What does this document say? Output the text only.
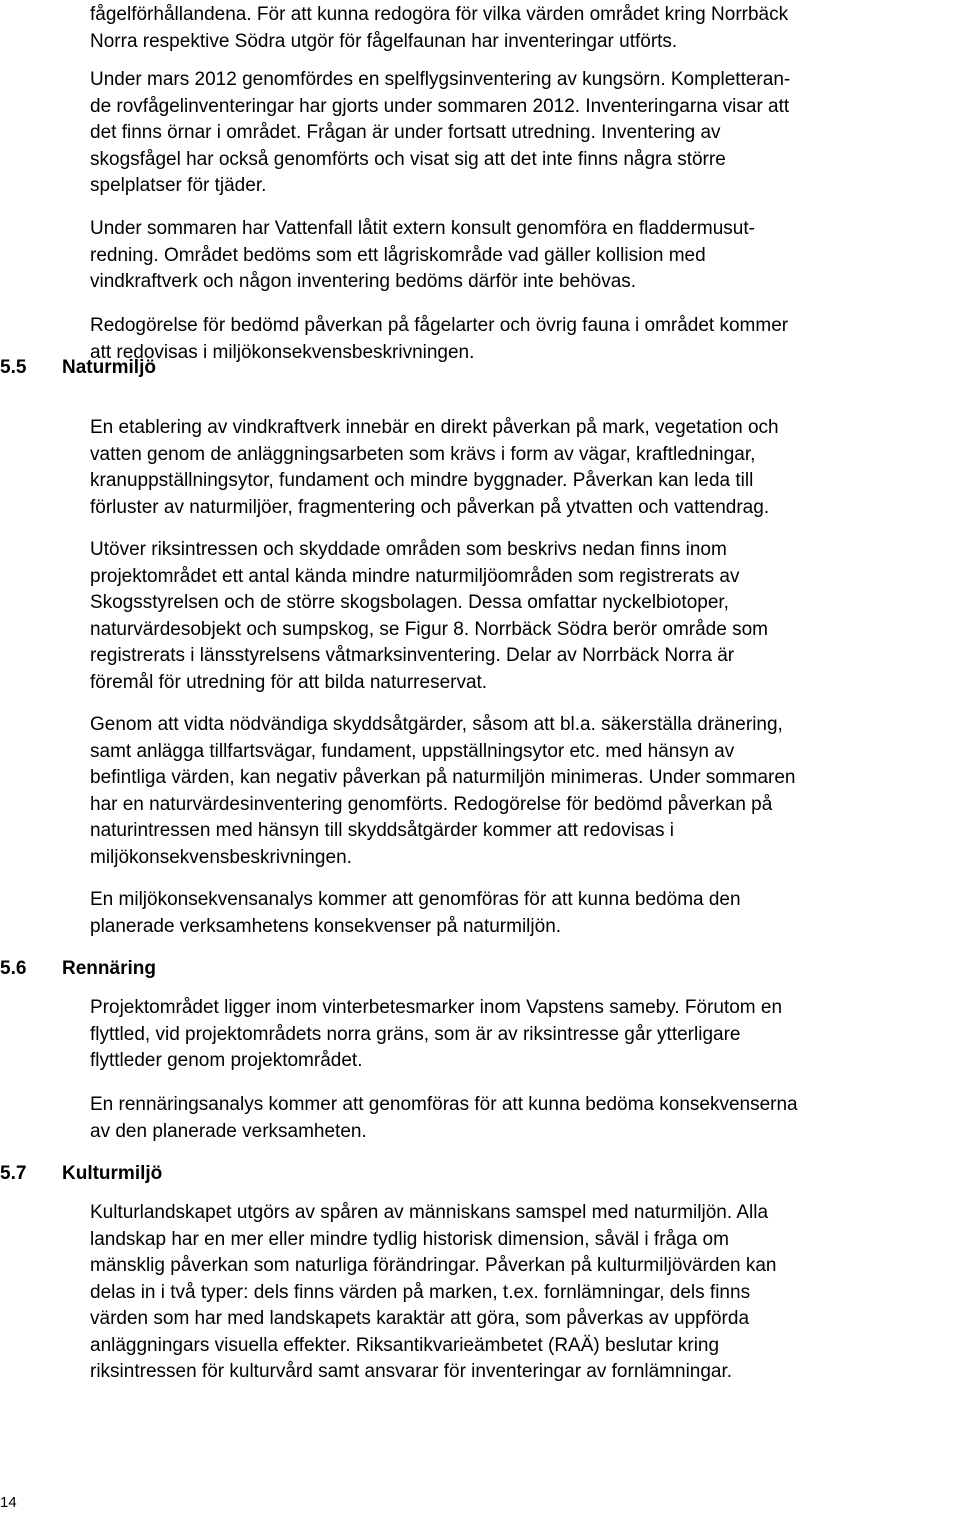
fågelförhållandena. För att kunna redogöra för vilka värden området kring Norrbäck
Norra respektive Södra utgör för fågelfaunan har inventeringar utförts.
Under mars 2012 genomfördes en spelflygsinventering av kungsörn. Kompletteran-
de rovfågelinventeringar har gjorts under sommaren 2012. Inventeringarna visar att
det finns örnar i området. Frågan är under fortsatt utredning. Inventering av
skogsfågel har också genomförts och visat sig att det inte finns några större
spelplatser för tjäder.
Under sommaren har Vattenfall låtit extern konsult genomföra en fladdermusut-
redning. Området bedöms som ett lågriskområde vad gäller kollision med
vindkraftverk och någon inventering bedöms därför inte behövas.
Redogörelse för bedömd påverkan på fågelarter och övrig fauna i området kommer
att redovisas i miljökonsekvensbeskrivningen.
5.5 Naturmiljö
En etablering av vindkraftverk innebär en direkt påverkan på mark, vegetation och
vatten genom de anläggningsarbeten som krävs i form av vägar, kraftledningar,
kranuppställningsytor, fundament och mindre byggnader. Påverkan kan leda till
förluster av naturmiljöer, fragmentering och påverkan på ytvatten och vattendrag.
Utöver riksintressen och skyddade områden som beskrivs nedan finns inom
projektområdet ett antal kända mindre naturmiljöområden som registrerats av
Skogsstyrelsen och de större skogsbolagen. Dessa omfattar nyckelbiotoper,
naturvärdesobjekt och sumpskog, se Figur 8. Norrbäck Södra berör område som
registrerats i länsstyrelsens våtmarksinventering. Delar av Norrbäck Norra är
föremål för utredning för att bilda naturreservat.
Genom att vidta nödvändiga skyddsåtgärder, såsom att bl.a. säkerställa dränering,
samt anlägga tillfartsvägar, fundament, uppställningsytor etc. med hänsyn av
befintliga värden, kan negativ påverkan på naturmiljön minimeras. Under sommaren
har en naturvärdesinventering genomförts. Redogörelse för bedömd påverkan på
naturintressen med hänsyn till skyddsåtgärder kommer att redovisas i
miljökonsekvensbeskrivningen.
En miljökonsekvensanalys kommer att genomföras för att kunna bedöma den
planerade verksamhetens konsekvenser på naturmiljön.
5.6 Rennäring
Projektområdet ligger inom vinterbetesmarker inom Vapstens sameby. Förutom en
flyttled, vid projektområdets norra gräns, som är av riksintresse går ytterligare
flyttleder genom projektområdet.
En rennäringsanalys kommer att genomföras för att kunna bedöma konsekvenserna
av den planerade verksamheten.
5.7 Kulturmiljö
Kulturlandskapet utgörs av spåren av människans samspel med naturmiljön. Alla
landskap har en mer eller mindre tydlig historisk dimension, såväl i fråga om
mänsklig påverkan som naturliga förändringar. Påverkan på kulturmiljövärden kan
delas in i två typer: dels finns värden på marken, t.ex. fornlämningar, dels finns
värden som har med landskapets karaktär att göra, som påverkas av uppförda
anläggningars visuella effekter. Riksantikvarieämbetet (RAÄ) beslutar kring
riksintressen för kulturvård samt ansvarar för inventeringar av fornlämningar.
14
